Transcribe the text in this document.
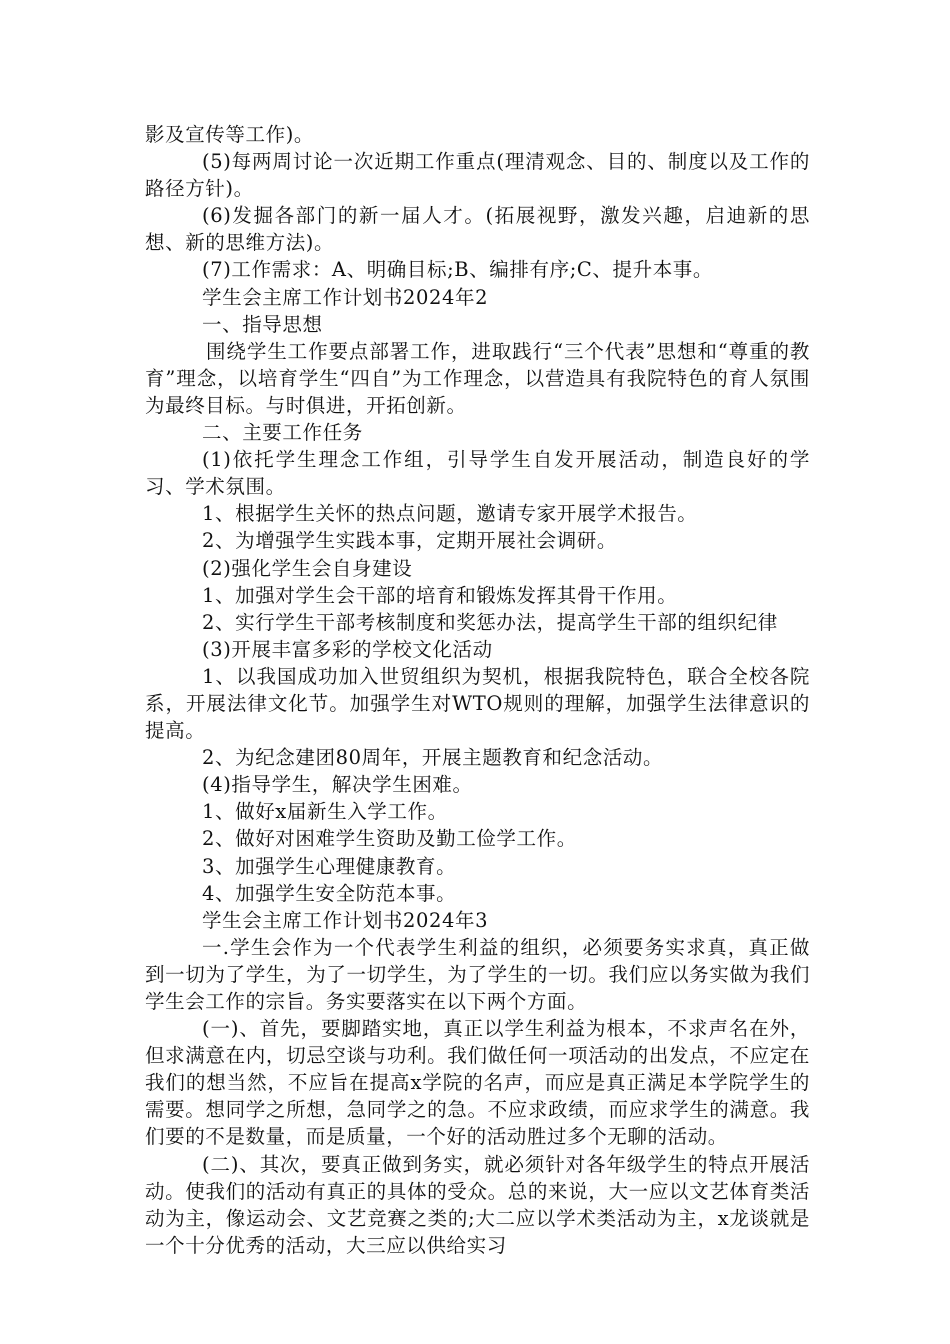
影及宣传等工作)。

(5)每两周讨论一次近期工作重点(理清观念、目的、制度以及工作的路径方针)。

(6)发掘各部门的新一届人才。(拓展视野，激发兴趣，启迪新的思想、新的思维方法)。

(7)工作需求：A、明确目标;B、编排有序;C、提升本事。

学生会主席工作计划书2024年2

一、指导思想

围绕学生工作要点部署工作，进取践行“三个代表”思想和“尊重的教育”理念，以培育学生“四自”为工作理念，以营造具有我院特色的育人氛围为最终目标。与时俱进，开拓创新。

二、主要工作任务

(1)依托学生理念工作组，引导学生自发开展活动，制造良好的学习、学术氛围。

1、根据学生关怀的热点问题，邀请专家开展学术报告。

2、为增强学生实践本事，定期开展社会调研。

(2)强化学生会自身建设

1、加强对学生会干部的培育和锻炼发挥其骨干作用。

2、实行学生干部考核制度和奖惩办法，提高学生干部的组织纪律

(3)开展丰富多彩的学校文化活动

1、以我国成功加入世贸组织为契机，根据我院特色，联合全校各院系，开展法律文化节。加强学生对WTO规则的理解，加强学生法律意识的提高。

2、为纪念建团80周年，开展主题教育和纪念活动。

(4)指导学生，解决学生困难。

1、做好x届新生入学工作。

2、做好对困难学生资助及勤工俭学工作。

3、加强学生心理健康教育。

4、加强学生安全防范本事。

学生会主席工作计划书2024年3

一.学生会作为一个代表学生利益的组织，必须要务实求真，真正做到一切为了学生，为了一切学生，为了学生的一切。我们应以务实做为我们学生会工作的宗旨。务实要落实在以下两个方面。

(一)、首先，要脚踏实地，真正以学生利益为根本，不求声名在外，但求满意在内，切忌空谈与功利。我们做任何一项活动的出发点，不应定在我们的想当然，不应旨在提高x学院的名声，而应是真正满足本学院学生的需要。想同学之所想，急同学之的急。不应求政绩，而应求学生的满意。我们要的不是数量，而是质量，一个好的活动胜过多个无聊的活动。

(二)、其次，要真正做到务实，就必须针对各年级学生的特点开展活动。使我们的活动有真正的具体的受众。总的来说，大一应以文艺体育类活动为主，像运动会、文艺竞赛之类的;大二应以学术类活动为主，x龙谈就是一个十分优秀的活动，大三应以供给实习
